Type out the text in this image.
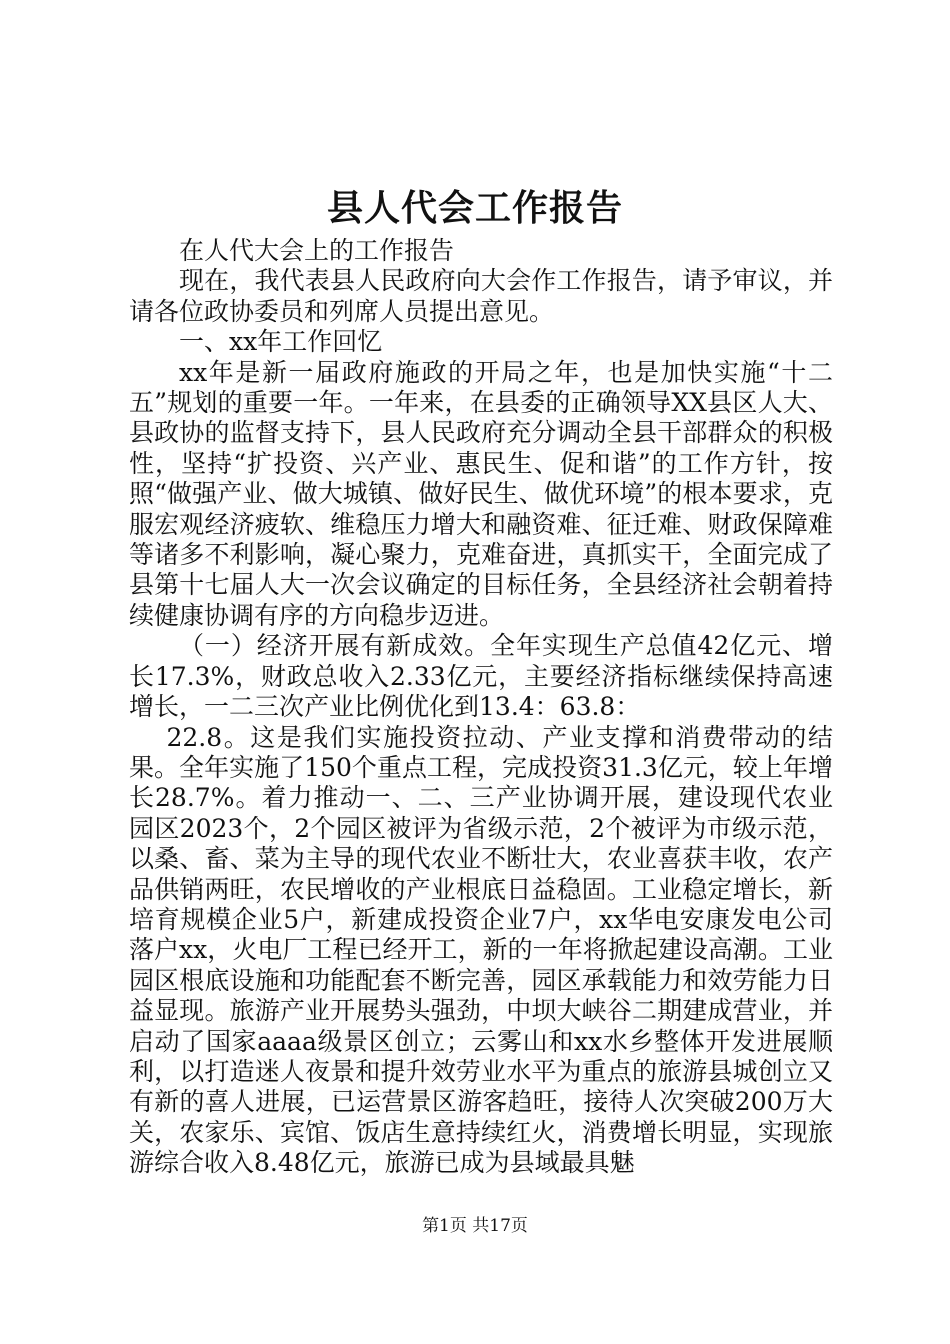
县人代会工作报告

在人代大会上的工作报告

现在，我代表县人民政府向大会作工作报告，请予审议，并请各位政协委员和列席人员提出意见。

一、xx年工作回忆

xx年是新一届政府施政的开局之年，也是加快实施“十二五”规划的重要一年。一年来，在县委的正确领导XX县区人大、县政协的监督支持下，县人民政府充分调动全县干部群众的积极性，坚持“扩投资、兴产业、惠民生、促和谐”的工作方针，按照“做强产业、做大城镇、做好民生、做优环境”的根本要求，克服宏观经济疲软、维稳压力增大和融资难、征迁难、财政保障难等诸多不利影响，凝心聚力，克难奋进，真抓实干，全面完成了县第十七届人大一次会议确定的目标任务，全县经济社会朝着持续健康协调有序的方向稳步迈进。

（一）经济开展有新成效。全年实现生产总值42亿元、增长17.3%，财政总收入2.33亿元，主要经济指标继续保持高速增长，一二三次产业比例优化到13.4：63.8：

22.8。这是我们实施投资拉动、产业支撑和消费带动的结果。全年实施了150个重点工程，完成投资31.3亿元，较上年增长28.7%。着力推动一、二、三产业协调开展，建设现代农业园区2023个，2个园区被评为省级示范，2个被评为市级示范，以桑、畜、菜为主导的现代农业不断壮大，农业喜获丰收，农产品供销两旺，农民增收的产业根底日益稳固。工业稳定增长，新培育规模企业5户，新建成投资企业7户，xx华电安康发电公司落户xx，火电厂工程已经开工，新的一年将掀起建设高潮。工业园区根底设施和功能配套不断完善，园区承载能力和效劳能力日益显现。旅游产业开展势头强劲，中坝大峡谷二期建成营业，并启动了国家aaaa级景区创立；云雾山和xx水乡整体开发进展顺利，以打造迷人夜景和提升效劳业水平为重点的旅游县城创立又有新的喜人进展，已运营景区游客趋旺，接待人次突破200万大关，农家乐、宾馆、饭店生意持续红火，消费增长明显，实现旅游综合收入8.48亿元，旅游已成为县域最具魅

第1页 共17页
